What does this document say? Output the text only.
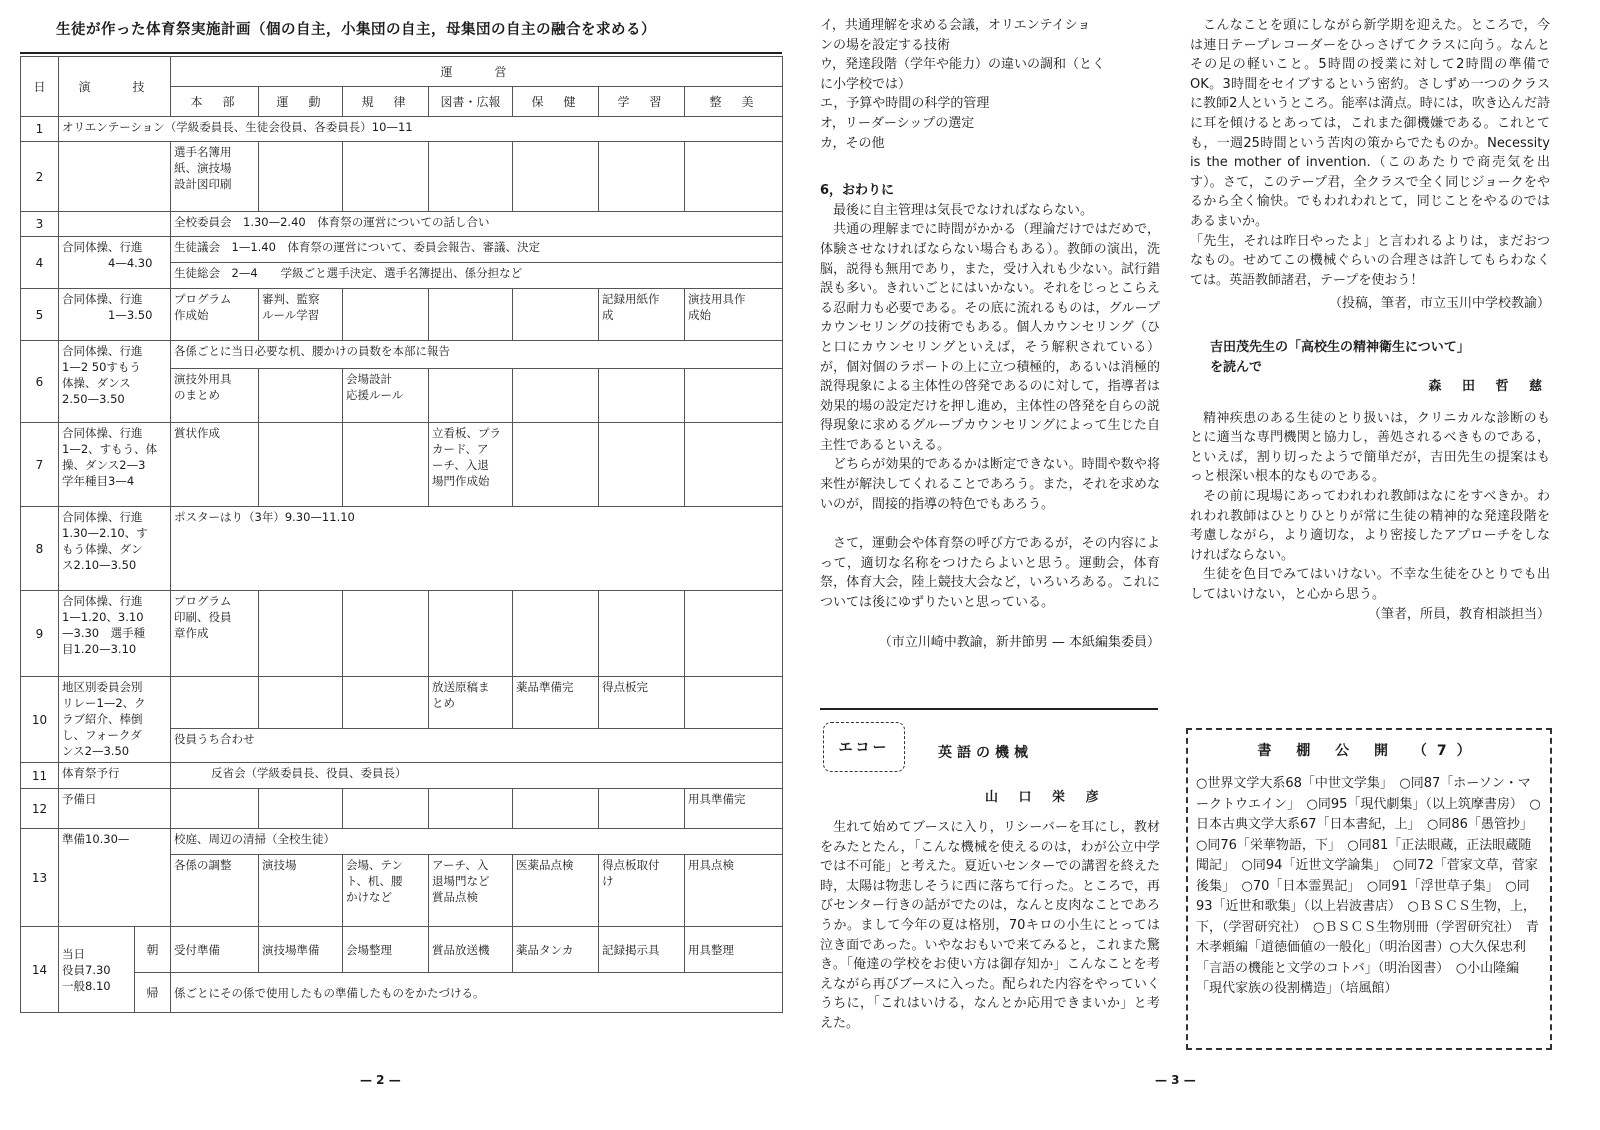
生徒が作った体育祭実施計画（個の自主，小集団の自主，母集団の自主の融合を求める）
日	演　　技		運　　営						
			本　部	運　動	規　律	図書・広報	保　健	学　習	整　美
1	オリエンテーション（学級委員長、生徒会役員、各委員長）10—11								
2			選手名簿用
紙、演技場
設計図印刷						
3			全校委員会　1.30—2.40　体育祭の運営についての話し合い						
4	合同体操、行進
　　　　4—4.30		生徒議会　1—1.40　体育祭の運営について、委員会報告、審議、決定						
			生徒総会　2—4　　学級ごと選手決定、選手名簿提出、係分担など						
5	合同体操、行進
　　　　1—3.50		プログラム
作成始	審判、監察
ルール学習				記録用紙作
成	演技用具作
成始
6	合同体操、行進
1—2 50すもう
体操、ダンス
2.50—3.50		各係ごとに当日必要な机、腰かけの員数を本部に報告						
			演技外用具
のまとめ		会場設計
応援ルール				
7	合同体操、行進
1—2、すもう、体
操、ダンス2—3
学年種目3—4		賞状作成			立看板、プラ
カード、ア
ーチ、入退
場門作成始			
8	合同体操、行進
1.30—2.10、す
もう体操、ダン
ス2.10—3.50		ポスターはり（3年）9.30—11.10						
9	合同体操、行進
1—1.20、3.10
—3.30　選手種
目1.20—3.10		プログラム
印刷、役員
章作成						
10	地区別委員会別
リレー1—2、ク
ラブ紹介、棒倒
し、フォークダ
ンス2—3.50					放送原稿ま
とめ	薬品準備完	得点板完	
			役員うち合わせ						
11	体育祭予行		反省会（学級委員長、役員、委員長）						
12	予備日								用具準備完
13	準備10.30—		校庭、周辺の清掃（全校生徒）						
			各係の調整	演技場	会場、テン
ト、机、腰
かけなど	アーチ、入
退場門など
賞品点検	医薬品点検	得点板取付
け	用具点検
14	当日
役員7.30
一般8.10	朝	受付準備	演技場準備	会場整理	賞品放送機	薬品タンカ	記録掲示具	用具整理
		帰	係ごとにその係で使用したもの準備したものをかたづける。						
— 2 —

イ，共通理解を求める会議，オリエンテイショ
ンの場を設定する技術
ウ，発達段階（学年や能力）の違いの調和（とく
に小学校では）
エ，予算や時間の科学的管理
オ，リーダーシップの選定
カ，その他

6，おわりに

最後に自主管理は気長でなければならない。

共通の理解までに時間がかかる（理論だけではだめで，体験させなければならない場合もある）。教師の演出，洗脳，説得も無用であり，また，受け入れも少ない。試行錯誤も多い。きれいごとにはいかない。それをじっとこらえる忍耐力も必要である。その底に流れるものは，グループカウンセリングの技術でもある。個人カウンセリング（ひと口にカウンセリングといえば，そう解釈されている）が，個対個のラポートの上に立つ積極的，あるいは消極的説得現象による主体性の啓発であるのに対して，指導者は効果的場の設定だけを押し進め，主体性の啓発を自らの説得現象に求めるグループカウンセリングによって生じた自主性であるといえる。

どちらが効果的であるかは断定できない。時間や数や将来性が解決してくれることであろう。また，それを求めないのが，間接的指導の特色でもあろう。

さて，運動会や体育祭の呼び方であるが，その内容によって，適切な名称をつけたらよいと思う。運動会，体育祭，体育大会，陸上競技大会など，いろいろある。これについては後にゆずりたいと思っている。

（市立川崎中教諭，新井節男 — 本紙編集委員）

エコー	英語の機械
山 口 栄 彦

生れて始めてブースに入り，リシーバーを耳にし，教材をみたとたん，「こんな機械を使えるのは，わが公立中学では不可能」と考えた。夏近いセンターでの講習を終えた時，太陽は物悲しそうに西に落ちて行った。ところで，再びセンター行きの話がでたのは，なんと皮肉なことであろうか。まして今年の夏は格別，70キロの小生にとっては泣き面であった。いやなおもいで来てみると，これまた驚き。「俺達の学校をお使い方は御存知か」こんなことを考えながら再びブースに入った。配られた内容をやっていくうちに，「これはいける，なんとか応用できまいか」と考えた。

こんなことを頭にしながら新学期を迎えた。ところで，今は連日テープレコーダーをひっさげてクラスに向う。なんとその足の軽いこと。5時間の授業に対して2時間の準備でOK。3時間をセイブするという密約。さしずめ一つのクラスに教師2人というところ。能率は満点。時には，吹き込んだ詩に耳を傾けるとあっては，これまた御機嫌である。これとても，一週25時間という苦肉の策からでたものか。Necessity is the mother of invention.（このあたりで商売気を出す）。さて，このテープ君，全クラスで全く同じジョークをやるから全く愉快。でもわれわれとて，同じことをやるのではあるまいか。

「先生，それは昨日やったよ」と言われるよりは，まだおつなもの。せめてこの機械ぐらいの合理さは許してもらわなくては。英語教師諸君，テープを使おう！

（投稿，筆者，市立玉川中学校教諭）

吉田茂先生の「高校生の精神衛生について」

を読んで

森 田 哲 慈

精神疾患のある生徒のとり扱いは，クリニカルな診断のもとに適当な専門機関と協力し，善処されるべきものである，といえば，割り切ったようで簡単だが，吉田先生の提案はもっと根深い根本的なものである。

その前に現場にあってわれわれ教師はなにをすべきか。われわれ教師はひとりひとりが常に生徒の精神的な発達段階を考慮しながら，より適切な，より密接したアプローチをしなければならない。

生徒を色目でみてはいけない。不幸な生徒をひとりでも出してはいけない，と心から思う。

（筆者，所員，教育相談担当）

書 棚 公 開 （7）
○世界文学大系68「中世文学集」　○同87「ホーソン・マークトウエイン」　○同95「現代劇集」（以上筑摩書房）　○日本古典文学大系67「日本書紀，上」　○同86「愚管抄」　○同76「栄華物語，下」　○同81「正法眼蔵，正法眼蔵随聞記」　○同94「近世文学論集」　○同72「菅家文草，菅家後集」　○70「日本霊異記」　○同91「浮世草子集」　○同93「近世和歌集」（以上岩波書店）　○ＢＳＣＳ生物，上，下，（学習研究社）　○ＢＳＣＳ生物別冊（学習研究社）　青木孝頼編「道徳価値の一般化」（明治図書）○大久保忠利「言語の機能と文学のコトバ」（明治図書）　○小山隆編「現代家族の役割構造」（培風館）
— 3 —
